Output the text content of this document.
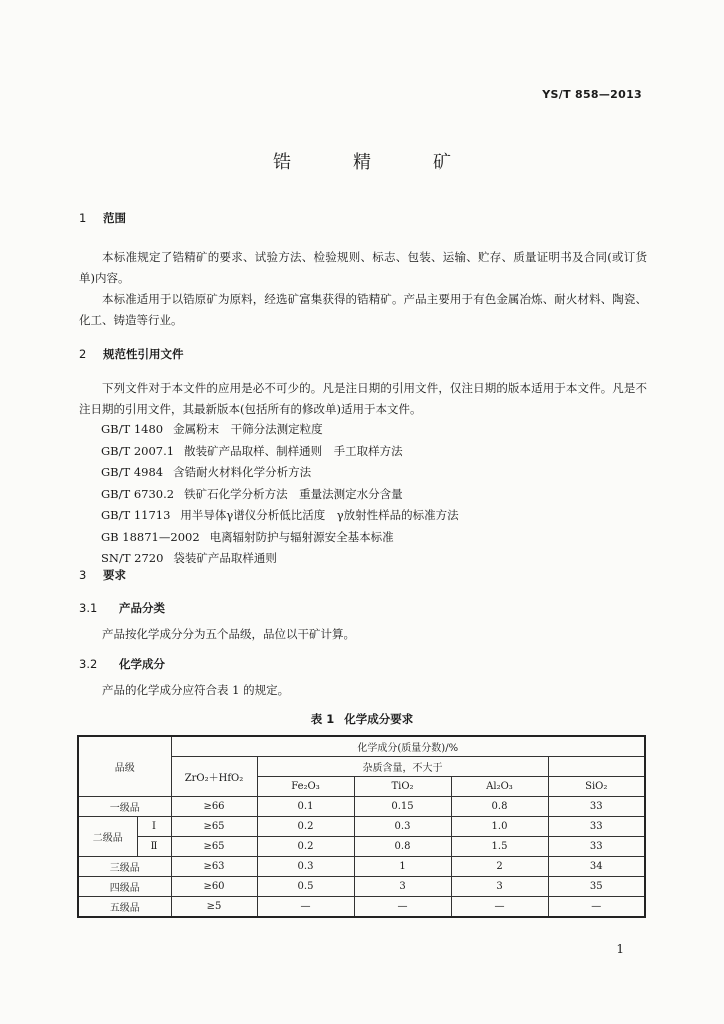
YS/T 858—2013
锆　精　矿
1 范围

本标准规定了锆精矿的要求、试验方法、检验规则、标志、包装、运输、贮存、质量证明书及合同(或订货单)内容。

本标准适用于以锆原矿为原料，经选矿富集获得的锆精矿。产品主要用于有色金属冶炼、耐火材料、陶瓷、化工、铸造等行业。

2 规范性引用文件

下列文件对于本文件的应用是必不可少的。凡是注日期的引用文件，仅注日期的版本适用于本文件。凡是不注日期的引用文件，其最新版本(包括所有的修改单)适用于本文件。

GB/T 1480 金属粉末　干筛分法测定粒度
GB/T 2007.1 散装矿产品取样、制样通则　手工取样方法
GB/T 4984 含锆耐火材料化学分析方法
GB/T 6730.2 铁矿石化学分析方法　重量法测定水分含量
GB/T 11713 用半导体γ谱仪分析低比活度　γ放射性样品的标准方法
GB 18871—2002 电离辐射防护与辐射源安全基本标准
SN/T 2720 袋装矿产品取样通则
3 要求
3.1 产品分类

产品按化学成分分为五个品级，品位以干矿计算。

3.2 化学成分

产品的化学成分应符合表 1 的规定。

表 1 化学成分要求
品级		化学成分(质量分数)/%				
		ZrO₂＋HfO₂	杂质含量，不大于			
			Fe₂O₃	TiO₂	Al₂O₃	SiO₂
一级品		≥66	0.1	0.15	0.8	33
二级品	Ⅰ	≥65	0.2	0.3	1.0	33
	Ⅱ	≥65	0.2	0.8	1.5	33
三级品		≥63	0.3	1	2	34
四级品		≥60	0.5	3	3	35
五级品		≥5	—	—	—	—
1
